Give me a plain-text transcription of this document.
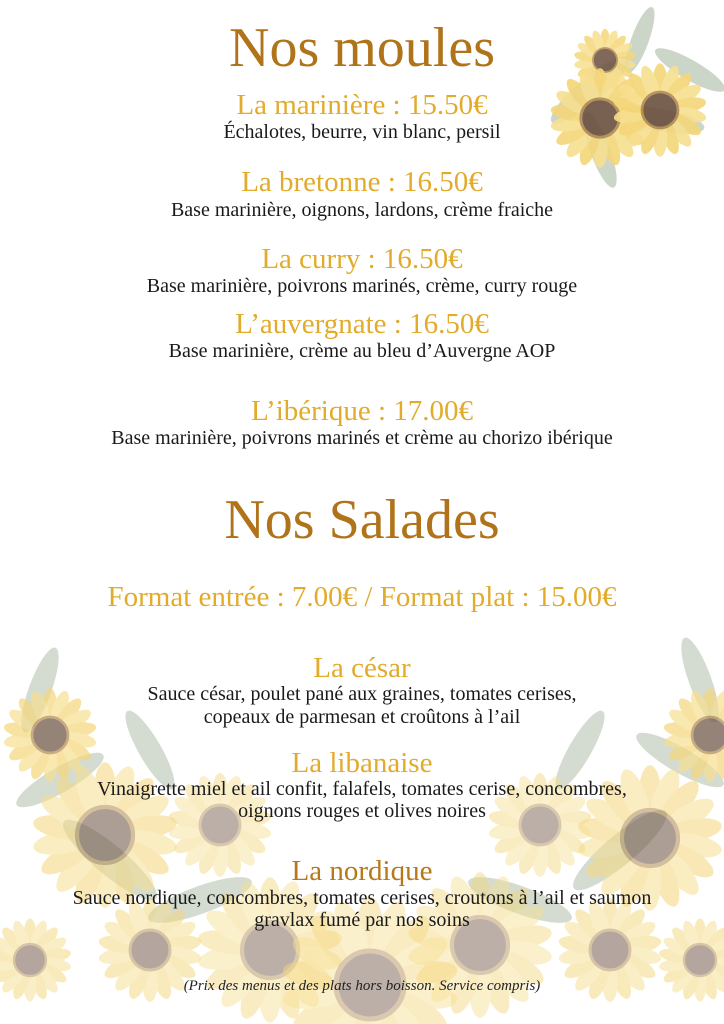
Nos moules
La marinière : 15.50€
Échalotes, beurre, vin blanc, persil
La bretonne : 16.50€
Base marinière, oignons, lardons, crème fraiche
La curry : 16.50€
Base marinière, poivrons marinés, crème, curry rouge
L’auvergnate : 16.50€
Base marinière, crème au bleu d’Auvergne AOP
L’ibérique : 17.00€
Base marinière, poivrons marinés et crème au chorizo ibérique
Nos Salades
Format entrée : 7.00€ / Format plat : 15.00€
La césar
Sauce césar, poulet pané aux graines, tomates cerises,
copeaux de parmesan et croûtons à l’ail
La libanaise
Vinaigrette miel et ail confit, falafels, tomates cerise, concombres,
oignons rouges et olives noires
La nordique
Sauce nordique, concombres, tomates cerises, croutons à l’ail et saumon
gravlax fumé par nos soins
(Prix des menus et des plats hors boisson. Service compris)
